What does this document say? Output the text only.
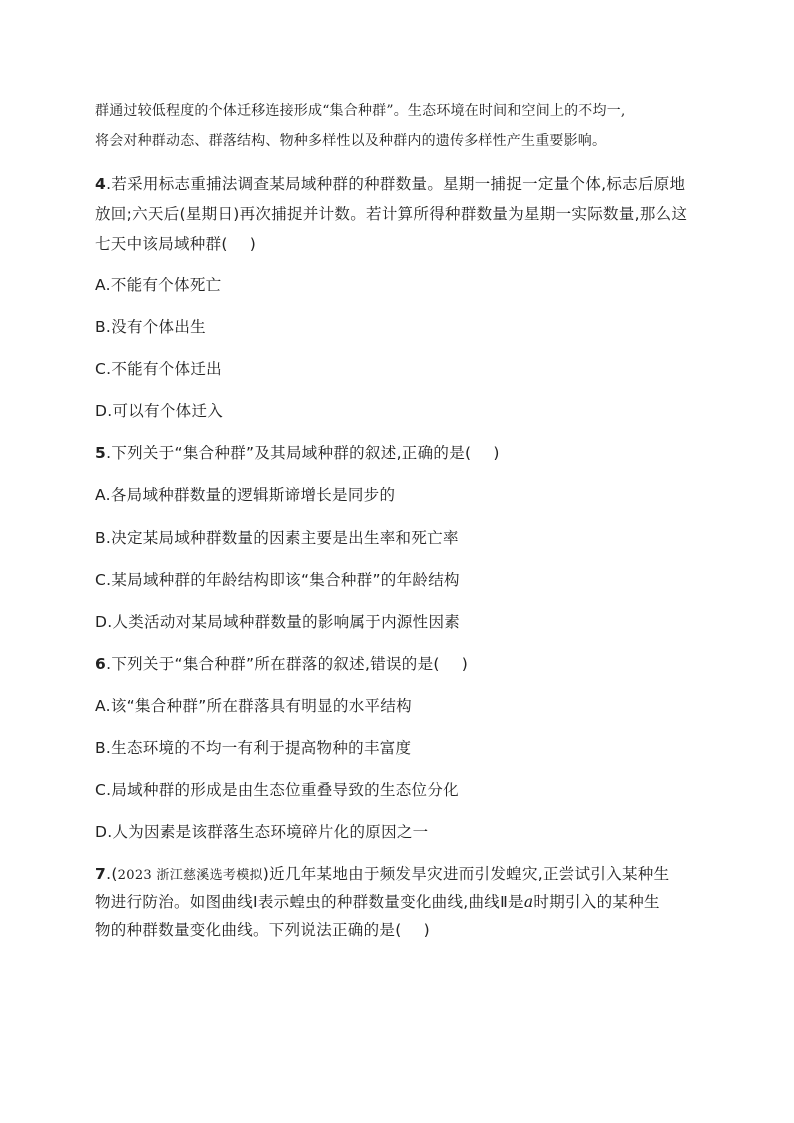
群通过较低程度的个体迁移连接形成“集合种群”。生态环境在时间和空间上的不均一,

将会对种群动态、群落结构、物种多样性以及种群内的遗传多样性产生重要影响。

4.若采用标志重捕法调查某局域种群的种群数量。星期一捕捉一定量个体,标志后原地
放回;六天后(星期日)再次捕捉并计数。若计算所得种群数量为星期一实际数量,那么这
七天中该局域种群( )
A.不能有个体死亡
B.没有个体出生
C.不能有个体迁出
D.可以有个体迁入
5.下列关于“集合种群”及其局域种群的叙述,正确的是( )
A.各局域种群数量的逻辑斯谛增长是同步的
B.决定某局域种群数量的因素主要是出生率和死亡率
C.某局域种群的年龄结构即该“集合种群”的年龄结构
D.人类活动对某局域种群数量的影响属于内源性因素
6.下列关于“集合种群”所在群落的叙述,错误的是( )
A.该“集合种群”所在群落具有明显的水平结构
B.生态环境的不均一有利于提高物种的丰富度
C.局域种群的形成是由生态位重叠导致的生态位分化
D.人为因素是该群落生态环境碎片化的原因之一
7.(2023 浙江慈溪选考模拟)近几年某地由于频发旱灾进而引发蝗灾,正尝试引入某种生
物进行防治。如图曲线Ⅰ表示蝗虫的种群数量变化曲线,曲线Ⅱ是a时期引入的某种生
物的种群数量变化曲线。下列说法正确的是( )
